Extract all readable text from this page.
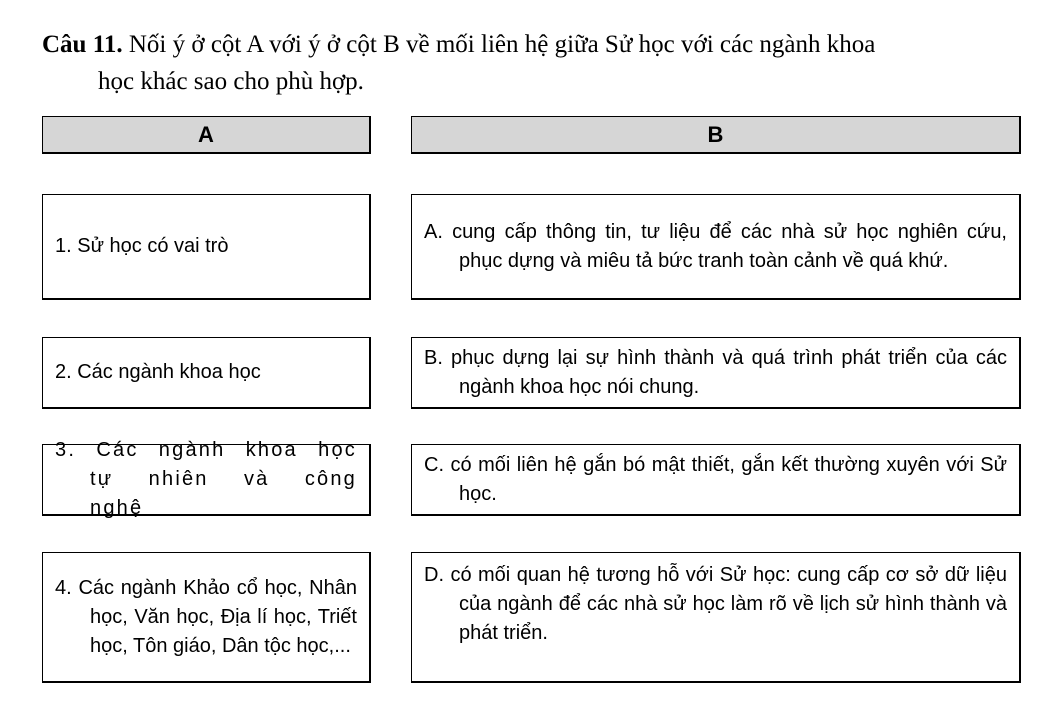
Câu 11. Nối ý ở cột A với ý ở cột B về mối liên hệ giữa Sử học với các ngành khoa
học khác sao cho phù hợp.
A	B
1. Sử học có vai trò
2. Các ngành khoa học
3. Các ngành khoa học tự nhiên và công nghệ
4. Các ngành Khảo cổ học, Nhân học, Văn học, Địa lí học, Triết học, Tôn giáo, Dân tộc học,...
A. cung cấp thông tin, tư liệu để các nhà sử học nghiên cứu, phục dựng và miêu tả bức tranh toàn cảnh về quá khứ.
B. phục dựng lại sự hình thành và quá trình phát triển của các ngành khoa học nói chung.
C. có mối liên hệ gắn bó mật thiết, gắn kết thường xuyên với Sử học.
D. có mối quan hệ tương hỗ với Sử học: cung cấp cơ sở dữ liệu của ngành để các nhà sử học làm rõ về lịch sử hình thành và phát triển.
